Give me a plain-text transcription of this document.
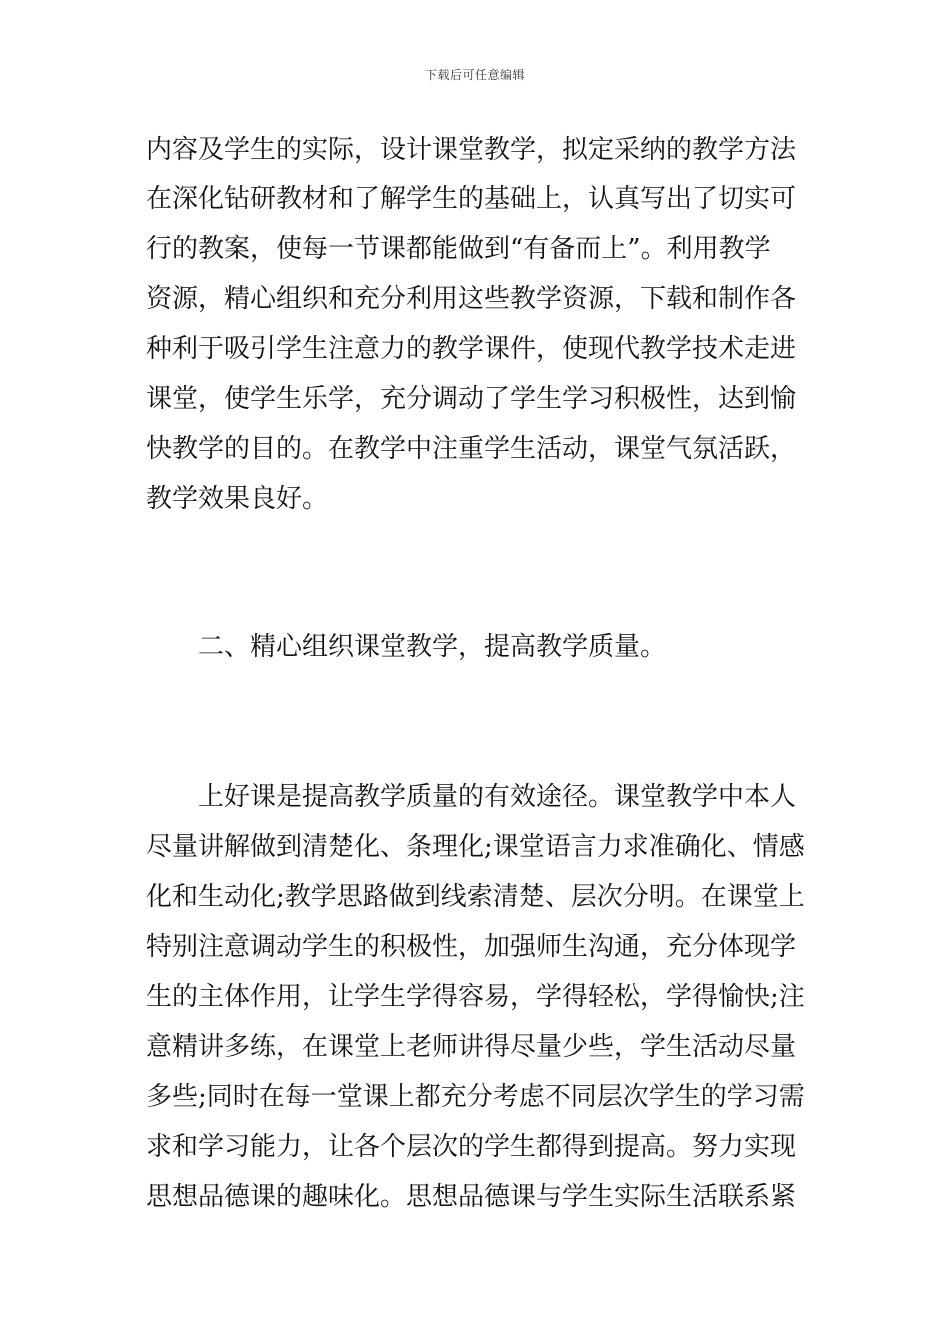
下载后可任意编辑
内容及学生的实际，设计课堂教学，拟定采纳的教学方法
在深化钻研教材和了解学生的基础上，认真写出了切实可
行的教案，使每一节课都能做到“有备而上”。利用教学
资源，精心组织和充分利用这些教学资源，下载和制作各
种利于吸引学生注意力的教学课件，使现代教学技术走进
课堂，使学生乐学，充分调动了学生学习积极性，达到愉
快教学的目的。在教学中注重学生活动，课堂气氛活跃，
教学效果良好。
二、精心组织课堂教学，提高教学质量。
上好课是提高教学质量的有效途径。课堂教学中本人
尽量讲解做到清楚化、条理化;课堂语言力求准确化、情感
化和生动化;教学思路做到线索清楚、层次分明。在课堂上
特别注意调动学生的积极性，加强师生沟通，充分体现学
生的主体作用，让学生学得容易，学得轻松，学得愉快;注
意精讲多练，在课堂上老师讲得尽量少些，学生活动尽量
多些;同时在每一堂课上都充分考虑不同层次学生的学习需
求和学习能力，让各个层次的学生都得到提高。努力实现
思想品德课的趣味化。思想品德课与学生实际生活联系紧
